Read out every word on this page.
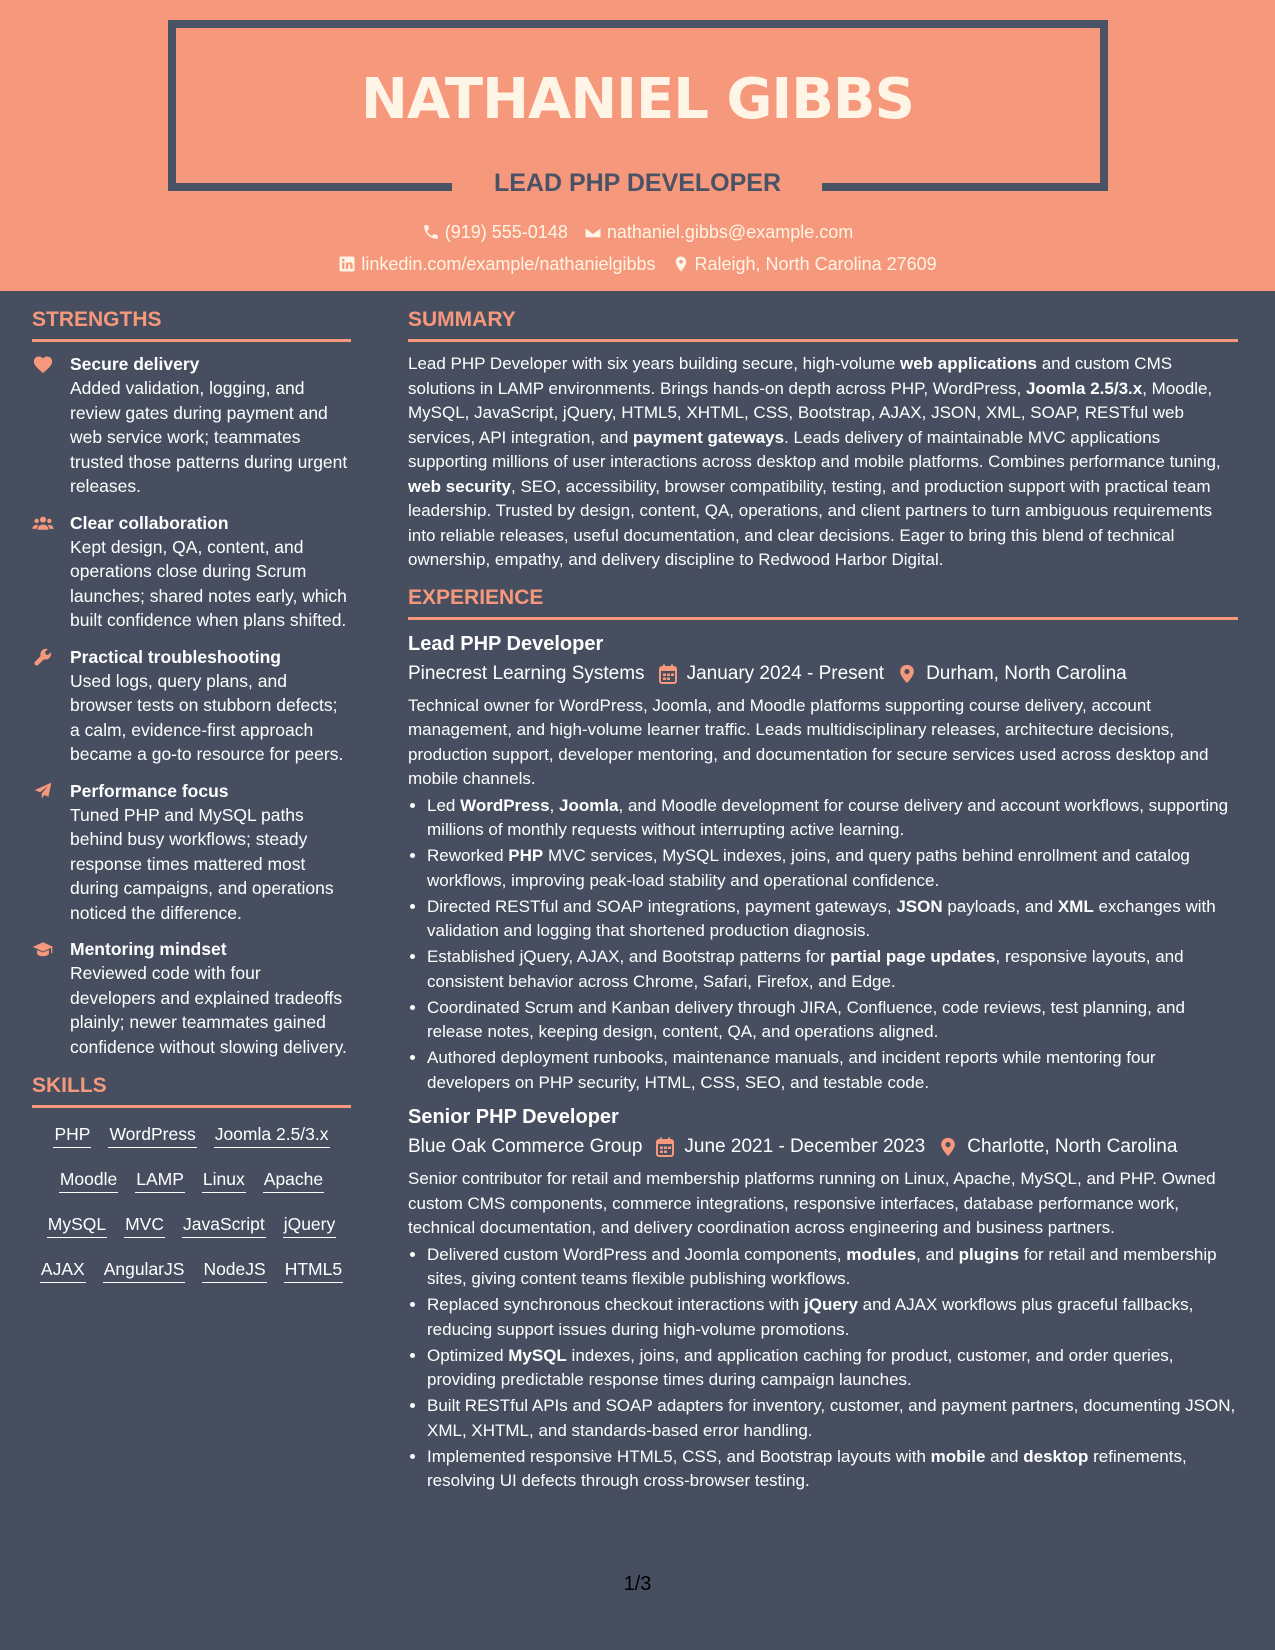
NATHANIEL GIBBS
LEAD PHP DEVELOPER
(919) 555-0148 nathaniel.gibbs@example.com
linkedin.com/example/nathanielgibbs Raleigh, North Carolina 27609
STRENGTHS
Secure delivery
Added validation, logging, and review gates during payment and web service work; teammates trusted those patterns during urgent releases.
Clear collaboration
Kept design, QA, content, and operations close during Scrum launches; shared notes early, which built confidence when plans shifted.
Practical troubleshooting
Used logs, query plans, and browser tests on stubborn defects; a calm, evidence-first approach became a go-to resource for peers.
Performance focus
Tuned PHP and MySQL paths behind busy workflows; steady response times mattered most during campaigns, and operations noticed the difference.
Mentoring mindset
Reviewed code with four developers and explained tradeoffs plainly; newer teammates gained confidence without slowing delivery.
SKILLS
PHP WordPress Joomla 2.5/3.x
Moodle LAMP Linux Apache
MySQL MVC JavaScript jQuery
AJAX AngularJS NodeJS HTML5
SUMMARY

Lead PHP Developer with six years building secure, high-volume web applications and custom CMS solutions in LAMP environments. Brings hands-on depth across PHP, WordPress, Joomla 2.5/3.x, Moodle, MySQL, JavaScript, jQuery, HTML5, XHTML, CSS, Bootstrap, AJAX, JSON, XML, SOAP, RESTful web services, API integration, and payment gateways. Leads delivery of maintainable MVC applications supporting millions of user interactions across desktop and mobile platforms. Combines performance tuning, web security, SEO, accessibility, browser compatibility, testing, and production support with practical team leadership. Trusted by design, content, QA, operations, and client partners to turn ambiguous requirements into reliable releases, useful documentation, and clear decisions. Eager to bring this blend of technical ownership, empathy, and delivery discipline to Redwood Harbor Digital.

EXPERIENCE
Lead PHP Developer
Pinecrest Learning Systems January 2024 - Present Durham, North Carolina

Technical owner for WordPress, Joomla, and Moodle platforms supporting course delivery, account management, and high-volume learner traffic. Leads multidisciplinary releases, architecture decisions, production support, developer mentoring, and documentation for secure services used across desktop and mobile channels.

• Led WordPress, Joomla, and Moodle development for course delivery and account workflows, supporting millions of monthly requests without interrupting active learning.
• Reworked PHP MVC services, MySQL indexes, joins, and query paths behind enrollment and catalog workflows, improving peak-load stability and operational confidence.
• Directed RESTful and SOAP integrations, payment gateways, JSON payloads, and XML exchanges with validation and logging that shortened production diagnosis.
• Established jQuery, AJAX, and Bootstrap patterns for partial page updates, responsive layouts, and consistent behavior across Chrome, Safari, Firefox, and Edge.
• Coordinated Scrum and Kanban delivery through JIRA, Confluence, code reviews, test planning, and release notes, keeping design, content, QA, and operations aligned.
• Authored deployment runbooks, maintenance manuals, and incident reports while mentoring four developers on PHP security, HTML, CSS, SEO, and testable code.
Senior PHP Developer
Blue Oak Commerce Group June 2021 - December 2023 Charlotte, North Carolina

Senior contributor for retail and membership platforms running on Linux, Apache, MySQL, and PHP. Owned custom CMS components, commerce integrations, responsive interfaces, database performance work, technical documentation, and delivery coordination across engineering and business partners.

• Delivered custom WordPress and Joomla components, modules, and plugins for retail and membership sites, giving content teams flexible publishing workflows.
• Replaced synchronous checkout interactions with jQuery and AJAX workflows plus graceful fallbacks, reducing support issues during high-volume promotions.
• Optimized MySQL indexes, joins, and application caching for product, customer, and order queries, providing predictable response times during campaign launches.
• Built RESTful APIs and SOAP adapters for inventory, customer, and payment partners, documenting JSON, XML, XHTML, and standards-based error handling.
• Implemented responsive HTML5, CSS, and Bootstrap layouts with mobile and desktop refinements, resolving UI defects through cross-browser testing.
1/3
